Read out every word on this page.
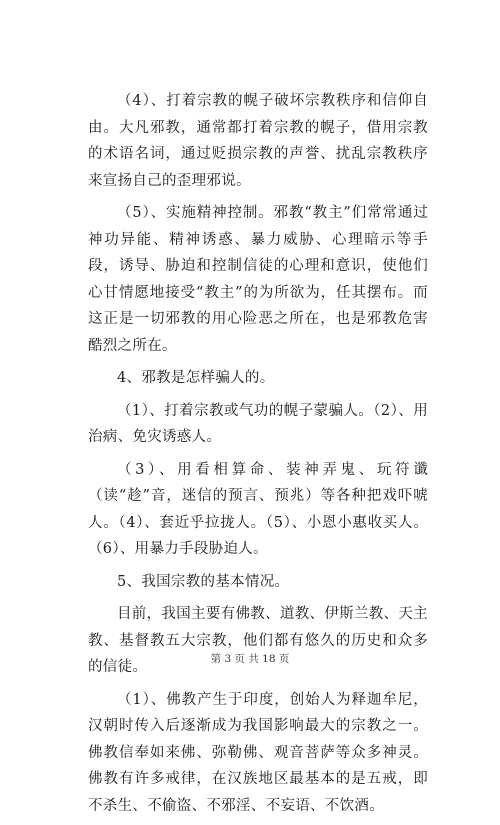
（4）、打着宗教的幌子破坏宗教秩序和信仰自由。大凡邪教，通常都打着宗教的幌子，借用宗教的术语名词，通过贬损宗教的声誉、扰乱宗教秩序来宣扬自己的歪理邪说。

（5）、实施精神控制。邪教“教主”们常常通过神功异能、精神诱惑、暴力威胁、心理暗示等手段，诱导、胁迫和控制信徒的心理和意识，使他们心甘情愿地接受“教主”的为所欲为，任其摆布。而这正是一切邪教的用心险恶之所在，也是邪教危害酷烈之所在。

4、邪教是怎样骗人的。

（1）、打着宗教或气功的幌子蒙骗人。（2）、用治病、免灾诱惑人。

（3）、用看相算命、装神弄鬼、玩符谶（读“趁”音，迷信的预言、预兆）等各种把戏吓唬人。（4）、套近乎拉拢人。（5）、小恩小惠收买人。（6）、用暴力手段胁迫人。

5、我国宗教的基本情况。

目前，我国主要有佛教、道教、伊斯兰教、天主教、基督教五大宗教，他们都有悠久的历史和众多的信徒。

（1）、佛教产生于印度，创始人为释迦牟尼，汉朝时传入后逐渐成为我国影响最大的宗教之一。佛教信奉如来佛、弥勒佛、观音菩萨等众多神灵。佛教有许多戒律，在汉族地区最基本的是五戒，即不杀生、不偷盗、不邪淫、不妄语、不饮酒。

第 3 页 共 18 页
